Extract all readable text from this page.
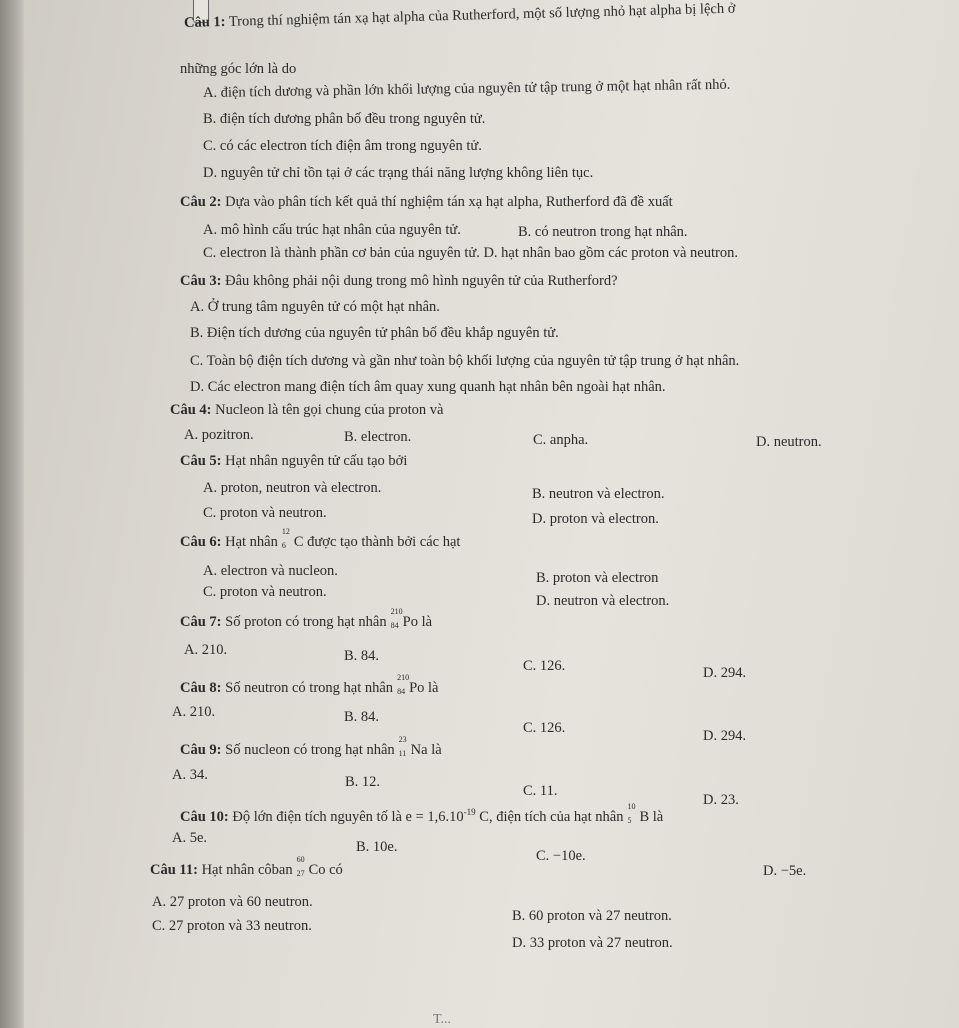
Câu 1: Trong thí nghiệm tán xạ hạt alpha của Rutherford, một số lượng nhỏ hạt alpha bị lệch ở
những góc lớn là do
A. điện tích dương và phần lớn khối lượng của nguyên tử tập trung ở một hạt nhân rất nhỏ.
B. điện tích dương phân bố đều trong nguyên tử.
C. có các electron tích điện âm trong nguyên tử.
D. nguyên tử chỉ tồn tại ở các trạng thái năng lượng không liên tục.
Câu 2: Dựa vào phân tích kết quả thí nghiệm tán xạ hạt alpha, Rutherford đã đề xuất
A. mô hình cấu trúc hạt nhân của nguyên tử.	B. có neutron trong hạt nhân.
C. electron là thành phần cơ bản của nguyên tử. D. hạt nhân bao gồm các proton và neutron.
Câu 3: Đâu không phải nội dung trong mô hình nguyên tử của Rutherford?
A. Ở trung tâm nguyên tử có một hạt nhân.
B. Điện tích dương của nguyên tử phân bố đều khắp nguyên tử.
C. Toàn bộ điện tích dương và gần như toàn bộ khối lượng của nguyên tử tập trung ở hạt nhân.
D. Các electron mang điện tích âm quay xung quanh hạt nhân bên ngoài hạt nhân.
Câu 4: Nucleon là tên gọi chung của proton và
A. pozitron.	B. electron.	C. anpha.	D. neutron.
Câu 5: Hạt nhân nguyên tử cấu tạo bởi
A. proton, neutron và electron.	B. neutron và electron.
C. proton và neutron.	D. proton và electron.
Câu 6: Hạt nhân
12
6 C được tạo thành bởi các hạt
A. electron và nucleon.	B. proton và electron
C. proton và neutron.
D. neutron và electron.
Câu 7: Số proton có trong hạt nhân
210
84 Po là
A. 210.	B. 84.
C. 126.	D. 294.
Câu 8: Số neutron có trong hạt nhân
210
84 Po là
A. 210.	B. 84.
C. 126.	D. 294.
Câu 9: Số nucleon có trong hạt nhân
23
11 Na là
A. 34.	B. 12.
C. 11.
D. 23.
Câu 10: Độ lớn điện tích nguyên tố là $e = 1,6.10^{-19}$ C, điện tích của hạt nhân
10
5 B là
A. 5e.
B. 10e.
C. −10e.
D. −5e.
Câu 11: Hạt nhân côban
60
27 Co có
A. 27 proton và 60 neutron.
B. 60 proton và 27 neutron.
C. 27 proton và 33 neutron.
D. 33 proton và 27 neutron.
T...
